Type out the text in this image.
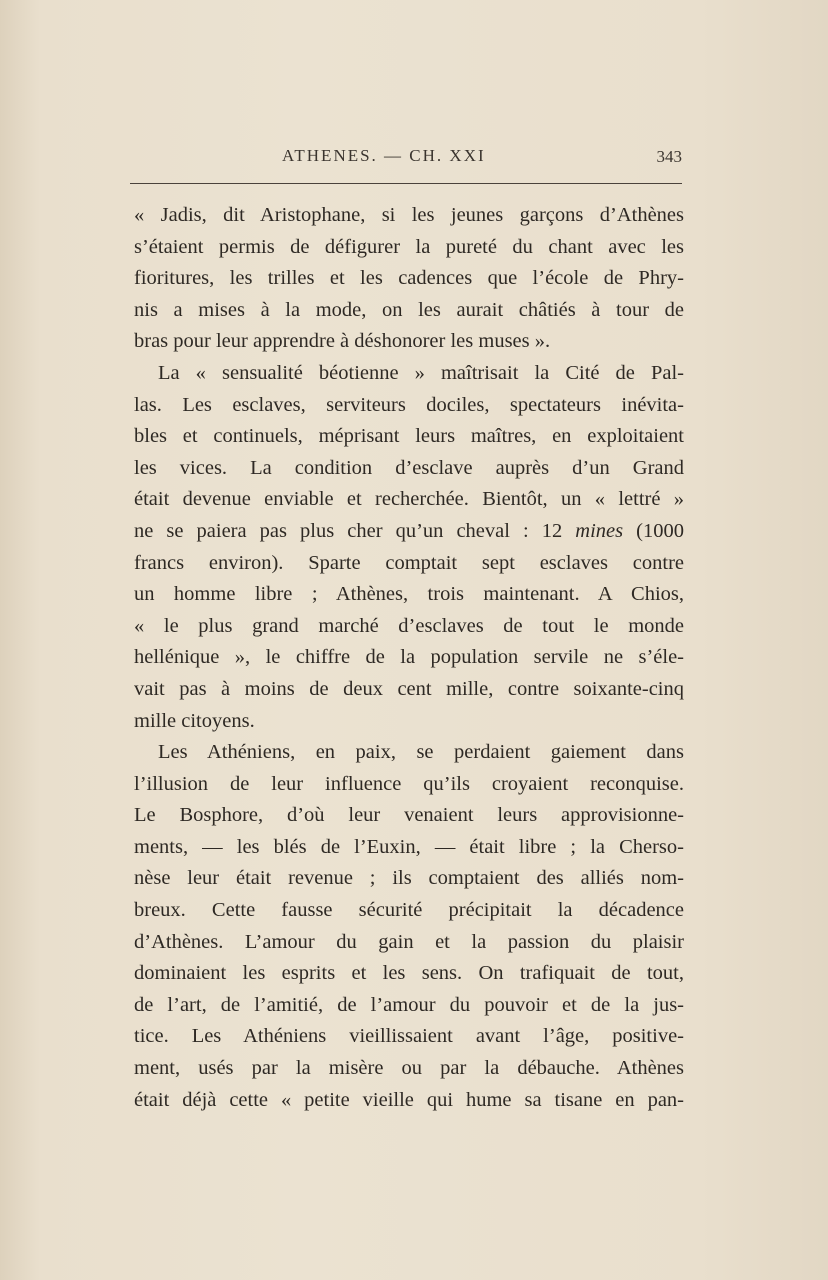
ATHENES. — CH. XXI	343
« Jadis, dit Aristophane, si les jeunes garçons d’Athènes
s’étaient permis de défigurer la pureté du chant avec les
fioritures, les trilles et les cadences que l’école de Phry-
nis a mises à la mode, on les aurait châtiés à tour de
bras pour leur apprendre à déshonorer les muses ».
La « sensualité béotienne » maîtrisait la Cité de Pal-
las. Les esclaves, serviteurs dociles, spectateurs inévita-
bles et continuels, méprisant leurs maîtres, en exploitaient
les vices. La condition d’esclave auprès d’un Grand
était devenue enviable et recherchée. Bientôt, un « lettré »
ne se paiera pas plus cher qu’un cheval : 12 mines (1000
francs environ). Sparte comptait sept esclaves contre
un homme libre ; Athènes, trois maintenant. A Chios,
« le plus grand marché d’esclaves de tout le monde
hellénique », le chiffre de la population servile ne s’éle-
vait pas à moins de deux cent mille, contre soixante-cinq
mille citoyens.
Les Athéniens, en paix, se perdaient gaiement dans
l’illusion de leur influence qu’ils croyaient reconquise.
Le Bosphore, d’où leur venaient leurs approvisionne-
ments, — les blés de l’Euxin, — était libre ; la Cherso-
nèse leur était revenue ; ils comptaient des alliés nom-
breux. Cette fausse sécurité précipitait la décadence
d’Athènes. L’amour du gain et la passion du plaisir
dominaient les esprits et les sens. On trafiquait de tout,
de l’art, de l’amitié, de l’amour du pouvoir et de la jus-
tice. Les Athéniens vieillissaient avant l’âge, positive-
ment, usés par la misère ou par la débauche. Athènes
était déjà cette « petite vieille qui hume sa tisane en pan-
